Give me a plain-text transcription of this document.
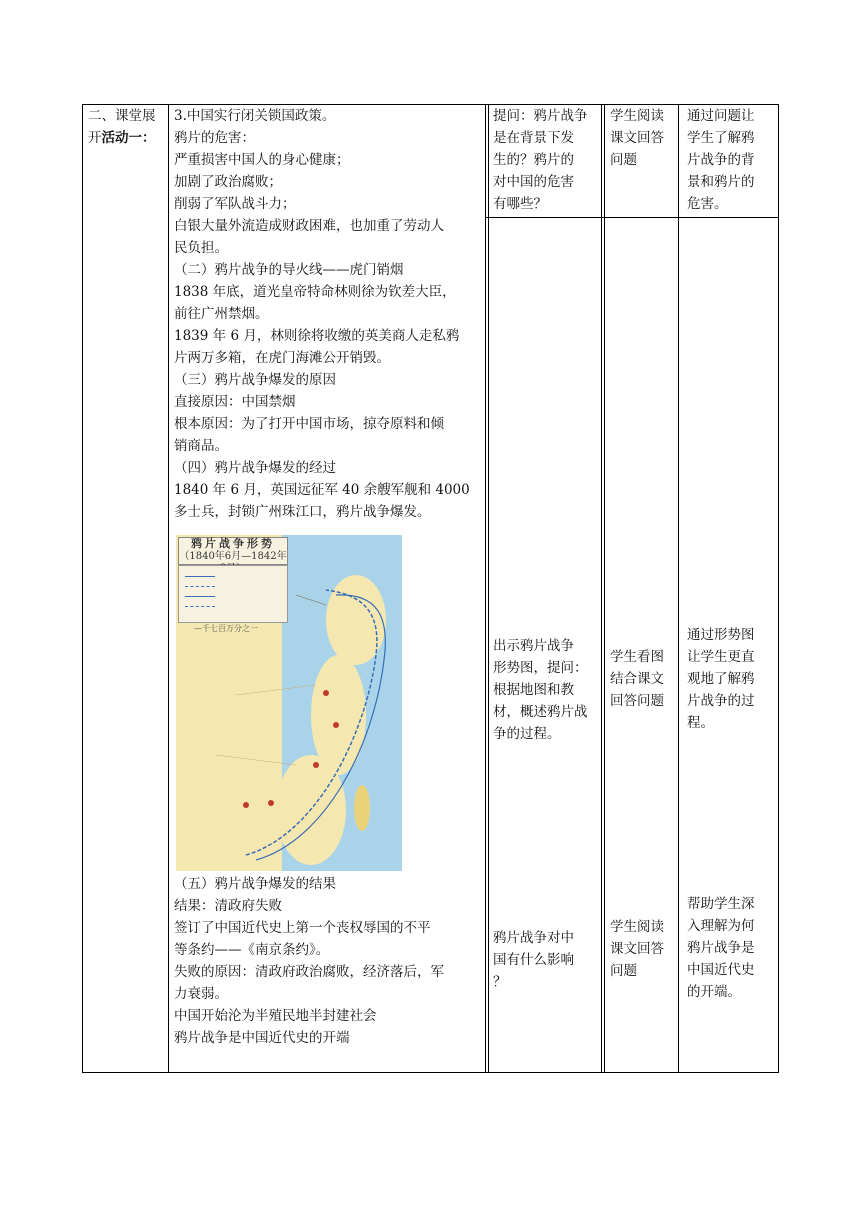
二、课堂展
开活动一：
3.中国实行闭关锁国政策。
鸦片的危害：
严重损害中国人的身心健康；
加剧了政治腐败；
削弱了军队战斗力；
白银大量外流造成财政困难，也加重了劳动人
民负担。
（二）鸦片战争的导火线——虎门销烟
1838 年底，道光皇帝特命林则徐为钦差大臣，
前往广州禁烟。
1839 年 6 月，林则徐将收缴的英美商人走私鸦
片两万多箱，在虎门海滩公开销毁。
（三）鸦片战争爆发的原因
直接原因：中国禁烟
根本原因：为了打开中国市场，掠夺原料和倾
销商品。
（四）鸦片战争爆发的经过
1840 年 6 月，英国远征军 40 余艘军舰和 4000
多士兵，封锁广州珠江口，鸦片战争爆发。
鸦片战争形势
（1840年6月—1842年
—千七百万分之一
（五）鸦片战争爆发的结果
结果：清政府失败
签订了中国近代史上第一个丧权辱国的不平
等条约——《南京条约》。
失败的原因：清政府政治腐败，经济落后，军
力衰弱。
中国开始沦为半殖民地半封建社会
鸦片战争是中国近代史的开端
提问：鸦片战争
是在背景下发
生的？鸦片的
对中国的危害
有哪些？
出示鸦片战争
形势图，提问：
根据地图和教
材，概述鸦片战
争的过程。
鸦片战争对中
国有什么影响
？
学生阅读
课文回答
问题
学生看图
结合课文
回答问题
学生阅读
课文回答
问题
通过问题让
学生了解鸦
片战争的背
景和鸦片的
危害。
通过形势图
让学生更直
观地了解鸦
片战争的过
程。
帮助学生深
入理解为何
鸦片战争是
中国近代史
的开端。
